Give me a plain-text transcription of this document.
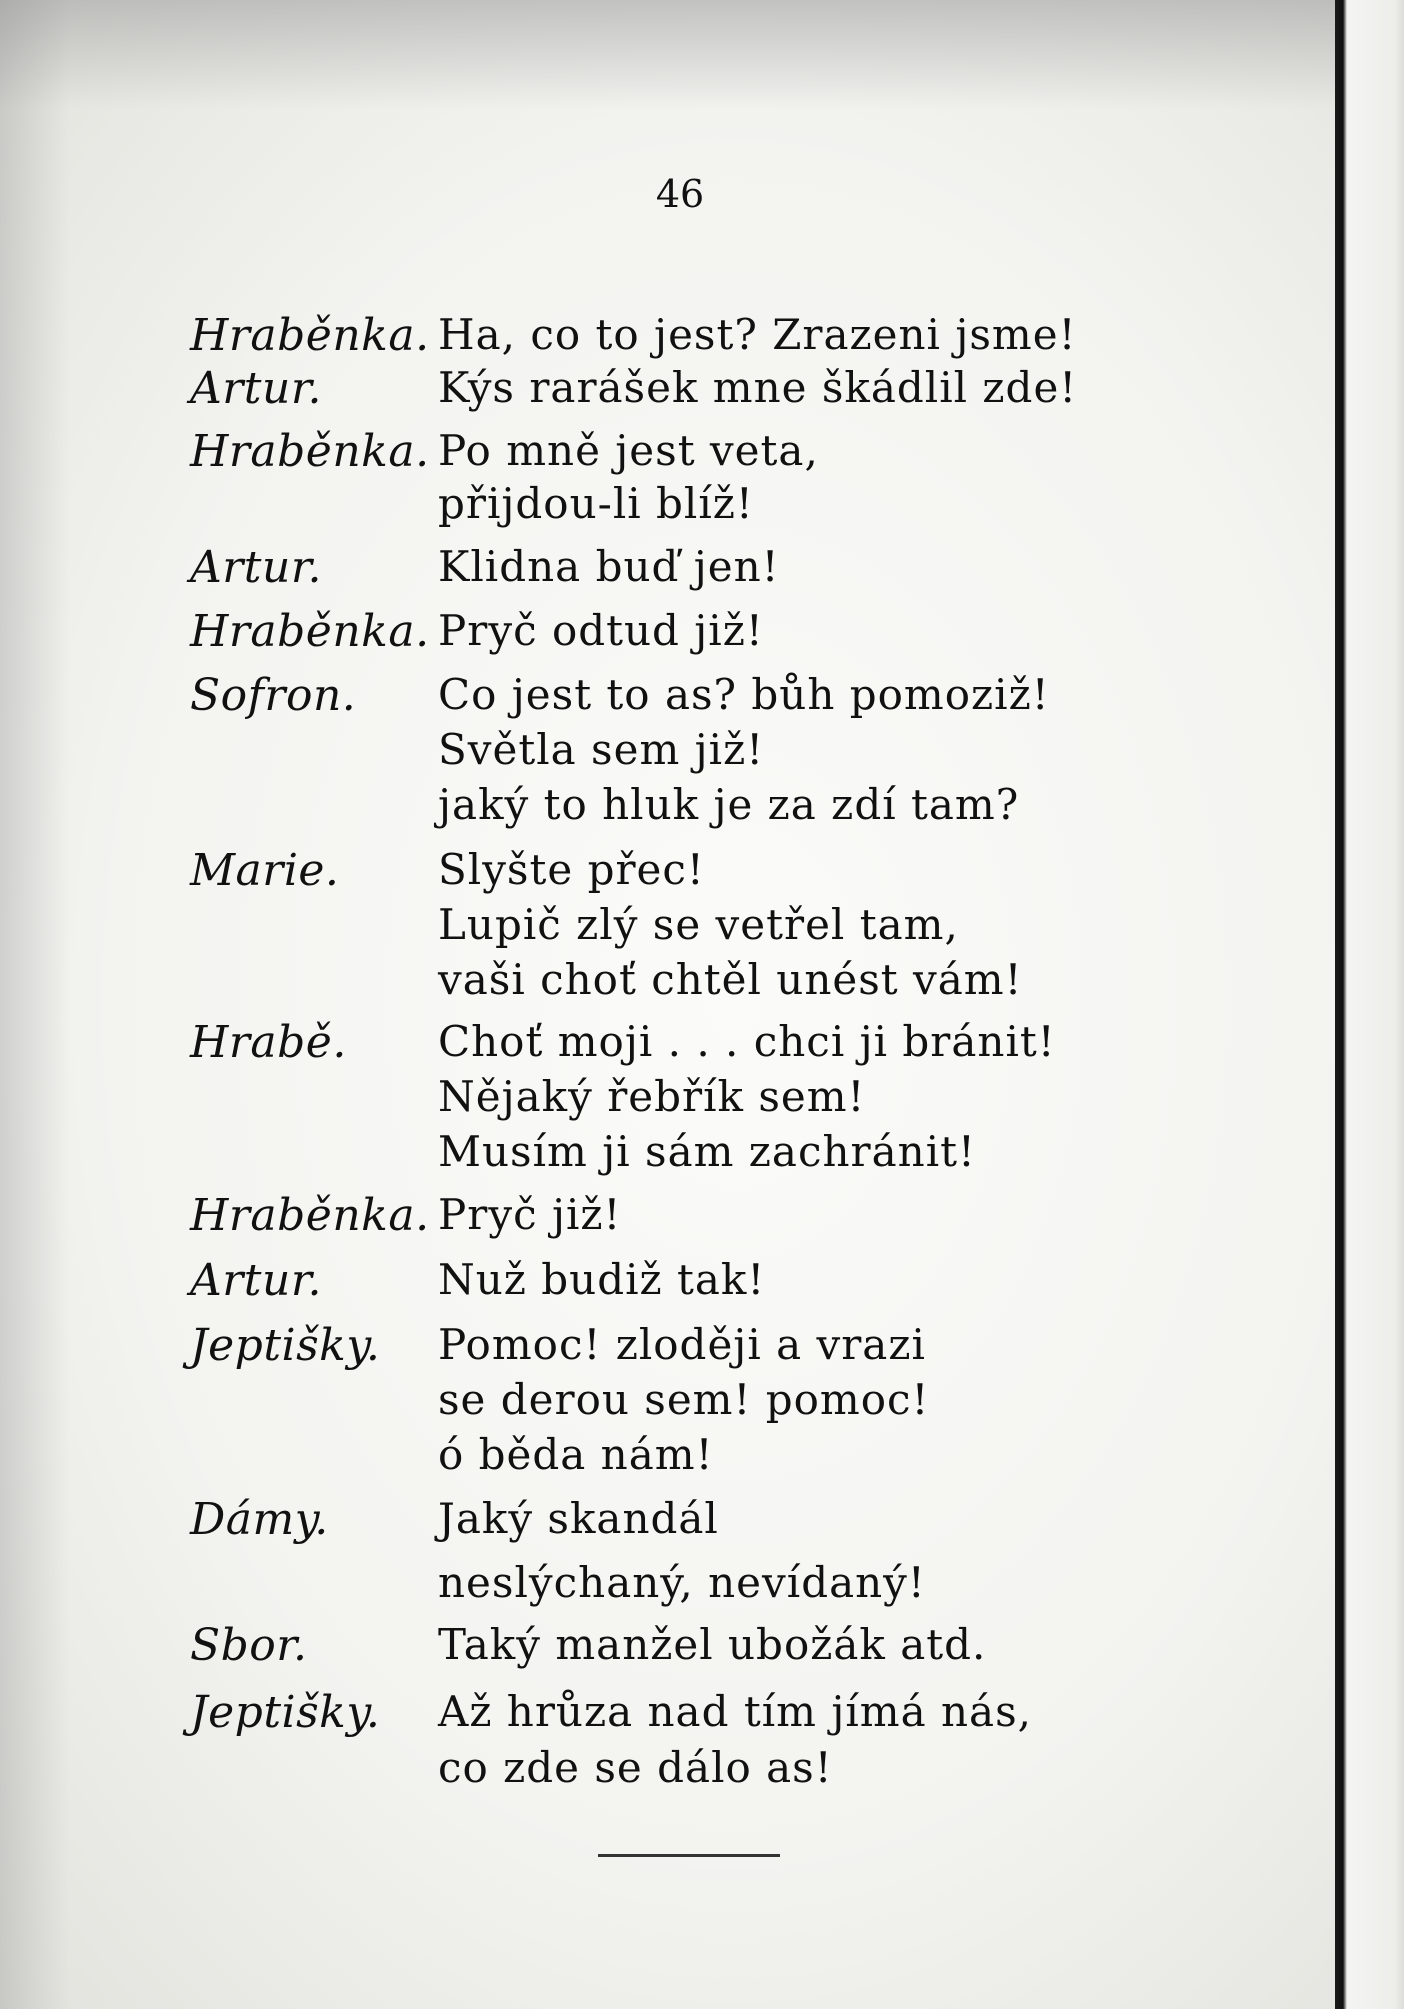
46
Hraběnka. Ha, co to jest? Zrazeni jsme!
Artur.	Kýs rarášek mne škádlil zde!
Hraběnka. Po mně jest veta,
přijdou-li blíž!
Artur.	Klidna buď jen!
Hraběnka. Pryč odtud již!
Sofron. Co jest to as? bůh pomoziž!
Světla sem již!
jaký to hluk je za zdí tam?
Marie. Slyšte přec!
Lupič zlý se vetřel tam,
vaši choť chtěl unést vám!
Hrabě. Choť moji . . . chci ji bránit!
Nějaký řebřík sem!
Musím ji sám zachránit!
Hraběnka. Pryč již!
Artur.	Nuž budiž tak!
Jeptišky. Pomoc! zloději a vrazi
se derou sem! pomoc!
ó běda nám!
Dámy.	Jaký skandál
neslýchaný, nevídaný!
Sbor.	Taký manžel ubožák atd.
Jeptišky. Až hrůza nad tím jímá nás,
co zde se dálo as!
